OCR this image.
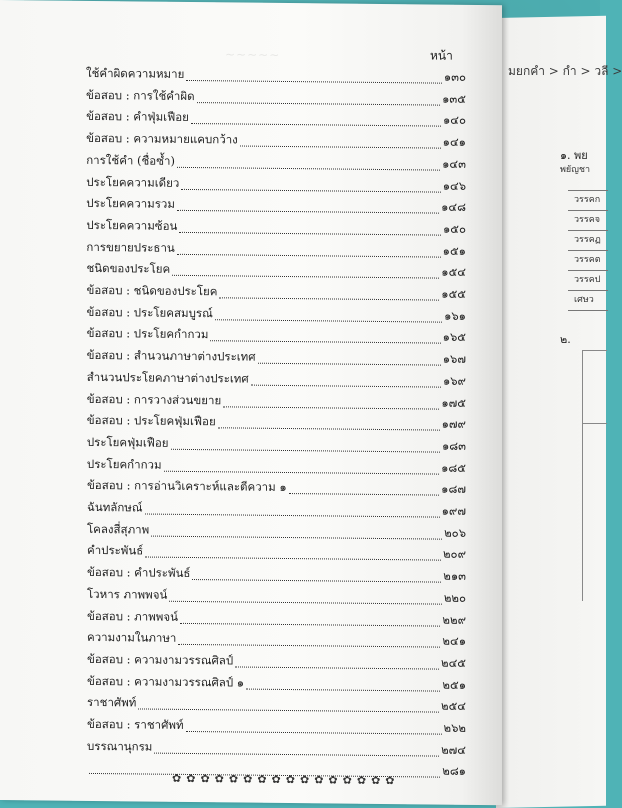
มยกคำ > กำ > วลี >
๑. พย
พยัญชา
วรรคก
วรรคจ
วรรคฏ
วรรคต
วรรคป
เศษว
๒.
~~~~~	หน้า
ใช้คำผิดความหมาย	๑๓๐
ข้อสอบ : การใช้คำผิด	๑๓๕
ข้อสอบ : คำฟุ่มเฟือย	๑๔๐
ข้อสอบ : ความหมายแคบกว้าง	๑๔๑
การใช้คำ (ชื่อซ้ำ)	๑๔๓
ประโยคความเดียว	๑๔๖
ประโยคความรวม	๑๔๘
ประโยคความซ้อน	๑๕๐
การขยายประธาน	๑๕๑
ชนิดของประโยค	๑๕๔
ข้อสอบ : ชนิดของประโยค	๑๕๕
ข้อสอบ : ประโยคสมบูรณ์	๑๖๑
ข้อสอบ : ประโยคกำกวม	๑๖๕
ข้อสอบ : สำนวนภาษาต่างประเทศ	๑๖๗
สำนวนประโยคภาษาต่างประเทศ	๑๖๙
ข้อสอบ : การวางส่วนขยาย	๑๗๕
ข้อสอบ : ประโยคฟุ่มเฟือย	๑๗๙
ประโยคฟุ่มเฟือย	๑๘๓
ประโยคกำกวม	๑๘๕
ข้อสอบ : การอ่านวิเคราะห์และตีความ ๑	๑๘๗
ฉันทลักษณ์	๑๙๗
โคลงสี่สุภาพ	๒๐๖
คำประพันธ์	๒๐๙
ข้อสอบ : คำประพันธ์	๒๑๓
โวหาร ภาพพจน์	๒๒๐
ข้อสอบ : ภาพพจน์	๒๒๙
ความงามในภาษา	๒๔๑
ข้อสอบ : ความงามวรรณศิลป์	๒๔๕
ข้อสอบ : ความงามวรรณศิลป์ ๑	๒๕๑
ราชาศัพท์	๒๕๔
ข้อสอบ : ราชาศัพท์	๒๖๒
บรรณานุกรม	๒๗๔
๒๘๑
✿ ✿ ✿ ✿ ✿ ✿ ✿ ✿ ✿ ✿ ✿ ✿ ✿ ✿ ✿ ✿
